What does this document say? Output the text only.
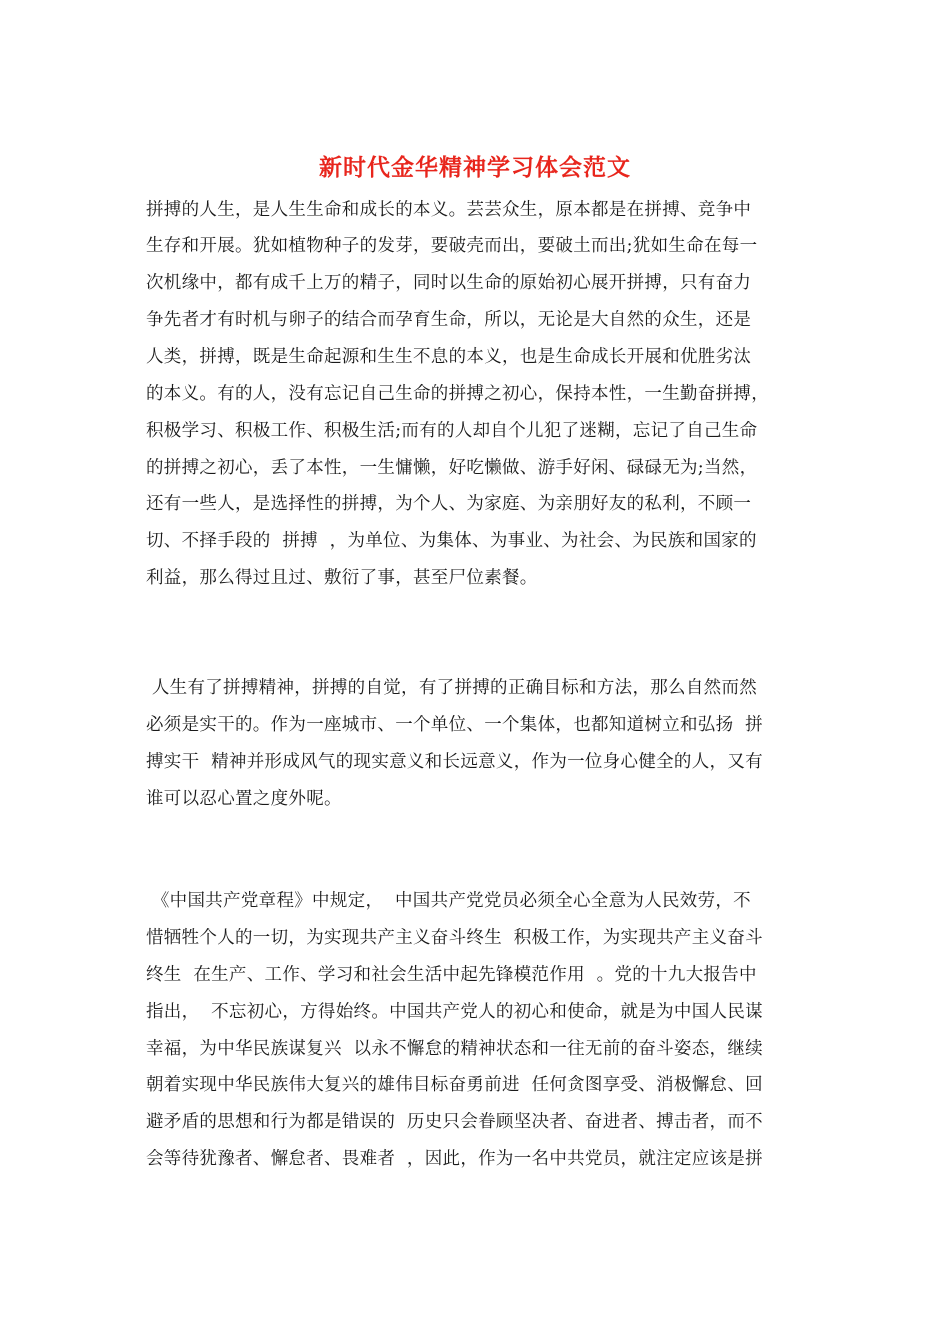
新时代金华精神学习体会范文
拼搏的人生，是人生生命和成长的本义。芸芸众生，原本都是在拼搏、竞争中
生存和开展。犹如植物种子的发芽，要破壳而出，要破土而出;犹如生命在每一
次机缘中，都有成千上万的精子，同时以生命的原始初心展开拼搏，只有奋力
争先者才有时机与卵子的结合而孕育生命，所以，无论是大自然的众生，还是
人类，拼搏，既是生命起源和生生不息的本义，也是生命成长开展和优胜劣汰
的本义。有的人，没有忘记自己生命的拼搏之初心，保持本性，一生勤奋拼搏，
积极学习、积极工作、积极生活;而有的人却自个儿犯了迷糊，忘记了自己生命
的拼搏之初心，丢了本性，一生慵懒，好吃懒做、游手好闲、碌碌无为;当然，
还有一些人，是选择性的拼搏，为个人、为家庭、为亲朋好友的私利，不顾一
切、不择手段的  拼搏  ，为单位、为集体、为事业、为社会、为民族和国家的
利益，那么得过且过、敷衍了事，甚至尸位素餐。
人生有了拼搏精神，拼搏的自觉，有了拼搏的正确目标和方法，那么自然而然
必须是实干的。作为一座城市、一个单位、一个集体，也都知道树立和弘扬  拼
搏实干  精神并形成风气的现实意义和长远意义，作为一位身心健全的人，又有
谁可以忍心置之度外呢。
《中国共产党章程》中规定，  中国共产党党员必须全心全意为人民效劳，不
惜牺牲个人的一切，为实现共产主义奋斗终生  积极工作，为实现共产主义奋斗
终生  在生产、工作、学习和社会生活中起先锋模范作用  。党的十九大报告中
指出，  不忘初心，方得始终。中国共产党人的初心和使命，就是为中国人民谋
幸福，为中华民族谋复兴  以永不懈怠的精神状态和一往无前的奋斗姿态，继续
朝着实现中华民族伟大复兴的雄伟目标奋勇前进  任何贪图享受、消极懈怠、回
避矛盾的思想和行为都是错误的  历史只会眷顾坚决者、奋进者、搏击者，而不
会等待犹豫者、懈怠者、畏难者  ，因此，作为一名中共党员，就注定应该是拼
